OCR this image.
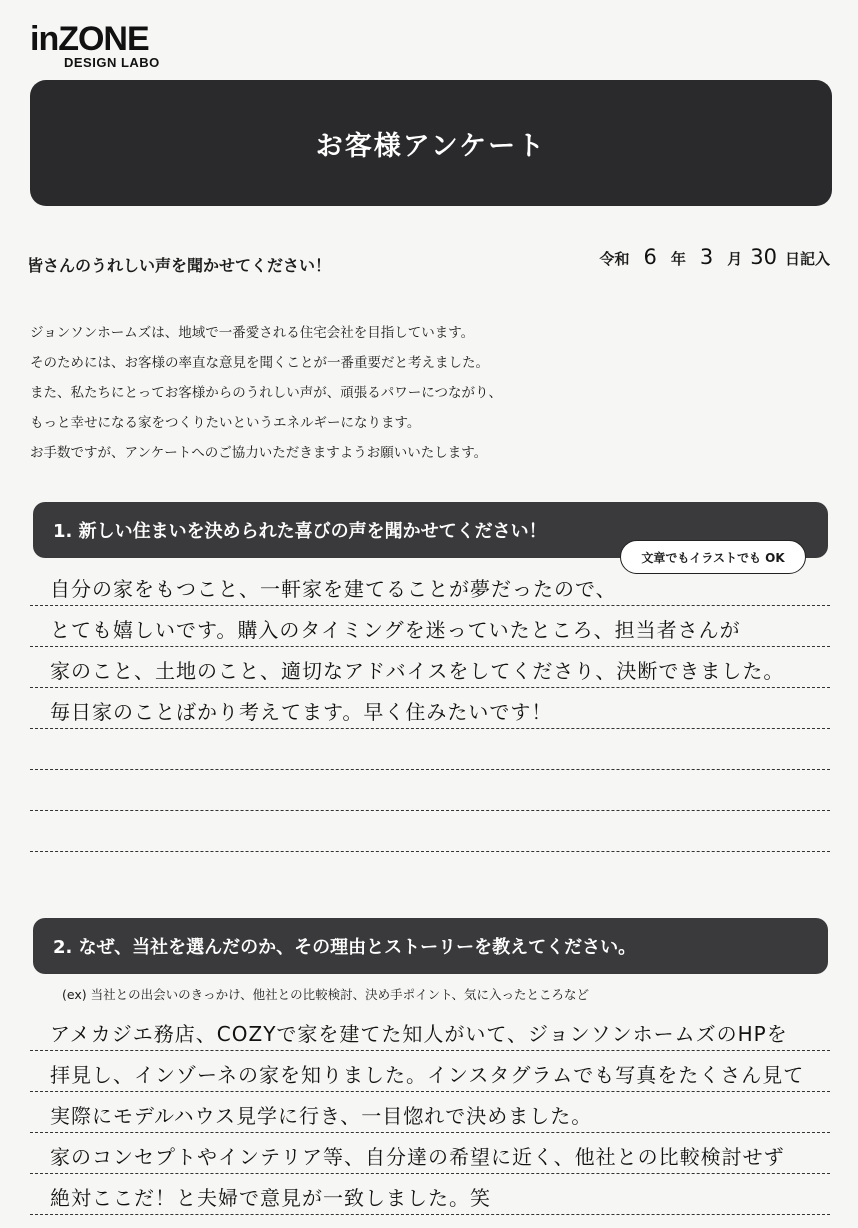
inZONE
DESIGN LABO
お客様アンケート
皆さんのうれしい声を聞かせてください！	令和 6 年 3 月 30 日記入

ジョンソンホームズは、地域で一番愛される住宅会社を目指しています。

そのためには、お客様の率直な意見を聞くことが一番重要だと考えました。

また、私たちにとってお客様からのうれしい声が、頑張るパワーにつながり、

もっと幸せになる家をつくりたいというエネルギーになります。

お手数ですが、アンケートへのご協力いただきますようお願いいたします。

1. 新しい住まいを決められた喜びの声を聞かせてください！
文章でもイラストでも OK
自分の家をもつこと、一軒家を建てることが夢だったので、
とても嬉しいです。購入のタイミングを迷っていたところ、担当者さんが
家のこと、土地のこと、適切なアドバイスをしてくださり、決断できました。
毎日家のことばかり考えてます。早く住みたいです！
2. なぜ、当社を選んだのか、その理由とストーリーを教えてください。
(ex) 当社との出会いのきっかけ、他社との比較検討、決め手ポイント、気に入ったところなど
アメカジエ務店、COZYで家を建てた知人がいて、ジョンソンホームズのHPを
拝見し、インゾーネの家を知りました。インスタグラムでも写真をたくさん見て
実際にモデルハウス見学に行き、一目惚れで決めました。
家のコンセプトやインテリア等、自分達の希望に近く、他社との比較検討せず
絶対ここだ！と夫婦で意見が一致しました。笑
